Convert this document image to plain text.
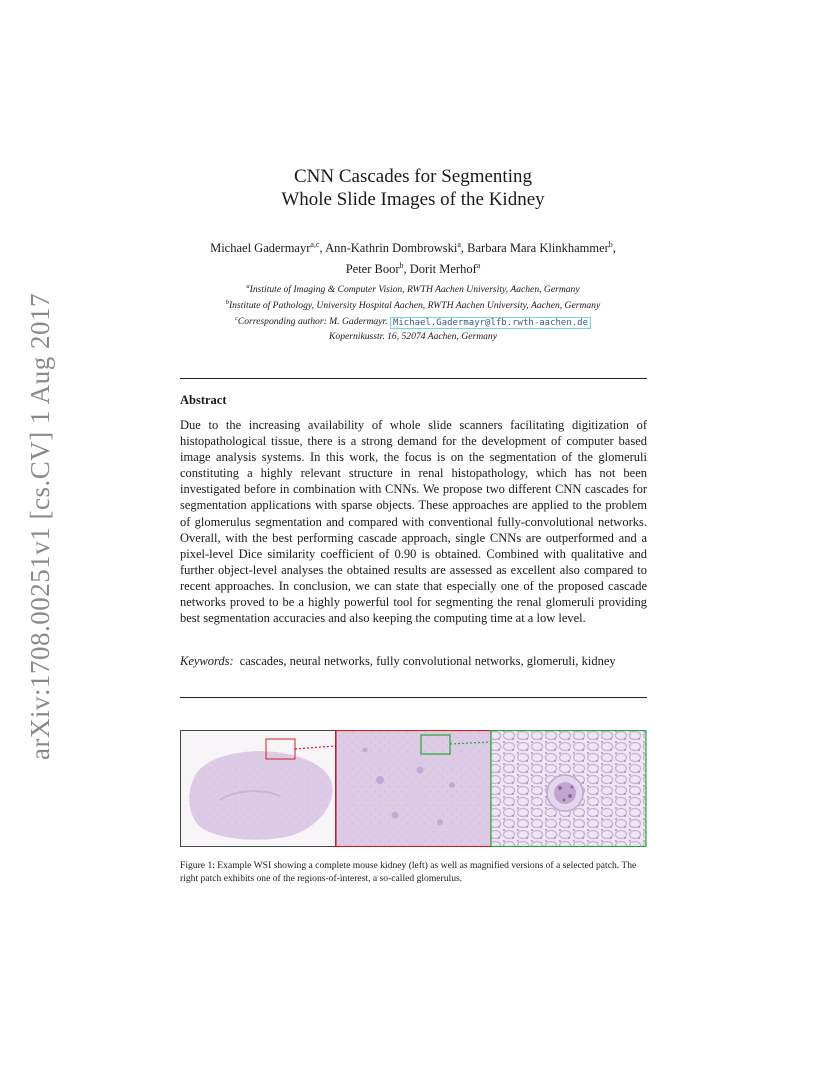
arXiv:1708.00251v1 [cs.CV] 1 Aug 2017
CNN Cascades for Segmenting
Whole Slide Images of the Kidney
Michael Gadermayr$^{a,c}$, Ann-Kathrin Dombrowski$^a$, Barbara Mara Klinkhammer$^b$,
Peter Boor$^b$, Dorit Merhof$^a$
$^a$Institute of Imaging & Computer Vision, RWTH Aachen University, Aachen, Germany
$^b$Institute of Pathology, University Hospital Aachen, RWTH Aachen University, Aachen, Germany
$^c$Corresponding author: M. Gadermayr. Michael.Gadermayr@lfb.rwth-aachen.de
Kopernikusstr. 16, 52074 Aachen, Germany
Abstract
Due to the increasing availability of whole slide scanners facilitating digitization of histopathological tissue, there is a strong demand for the development of computer based image analysis systems. In this work, the focus is on the segmentation of the glomeruli constituting a highly relevant structure in renal histopathology, which has not been investigated before in combination with CNNs. We propose two different CNN cascades for segmentation applications with sparse objects. These approaches are applied to the problem of glomerulus segmentation and compared with conventional fully-convolutional networks. Overall, with the best performing cascade approach, single CNNs are outperformed and a pixel-level Dice similarity coefficient of 0.90 is obtained. Combined with qualitative and further object-level analyses the obtained results are assessed as excellent also compared to recent approaches. In conclusion, we can state that especially one of the proposed cascade networks proved to be a highly powerful tool for segmenting the renal glomeruli providing best segmentation accuracies and also keeping the computing time at a low level.
Keywords: cascades, neural networks, fully convolutional networks, glomeruli, kidney
Figure 1: Example WSI showing a complete mouse kidney (left) as well as magnified versions of a selected patch. The right patch exhibits one of the regions-of-interest, a so-called glomerulus.
